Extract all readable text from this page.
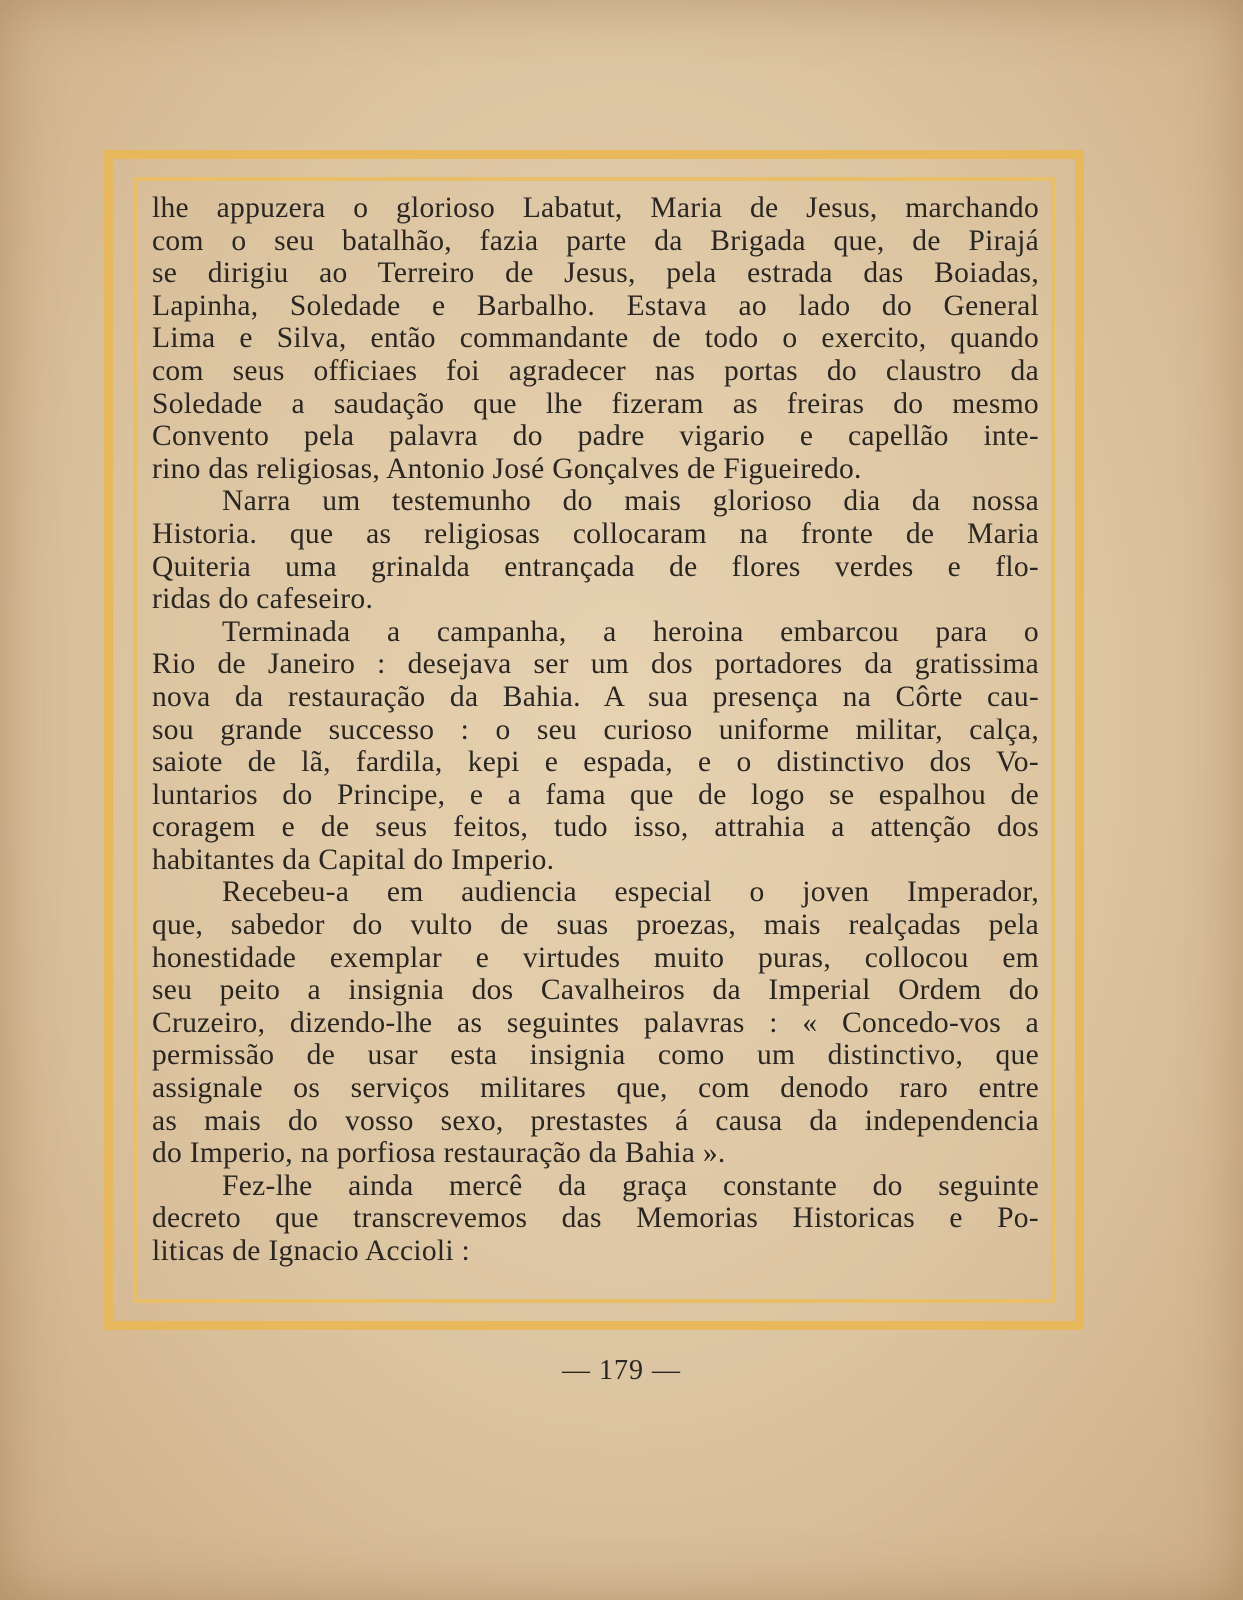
lhe appuzera o glorioso Labatut, Maria de Jesus, marchando
com o seu batalhão, fazia parte da Brigada que, de Pirajá
se dirigiu ao Terreiro de Jesus, pela estrada das Boiadas,
Lapinha, Soledade e Barbalho. Estava ao lado do General
Lima e Silva, então commandante de todo o exercito, quando
com seus officiaes foi agradecer nas portas do claustro da
Soledade a saudação que lhe fizeram as freiras do mesmo
Convento pela palavra do padre vigario e capellão inte-
rino das religiosas, Antonio José Gonçalves de Figueiredo.
Narra um testemunho do mais glorioso dia da nossa
Historia. que as religiosas collocaram na fronte de Maria
Quiteria uma grinalda entrançada de flores verdes e flo-
ridas do cafeseiro.
Terminada a campanha, a heroina embarcou para o
Rio de Janeiro : desejava ser um dos portadores da gratissima
nova da restauração da Bahia. A sua presença na Côrte cau-
sou grande successo : o seu curioso uniforme militar, calça,
saiote de lã, fardila, kepi e espada, e o distinctivo dos Vo-
luntarios do Principe, e a fama que de logo se espalhou de
coragem e de seus feitos, tudo isso, attrahia a attenção dos
habitantes da Capital do Imperio.
Recebeu-a em audiencia especial o joven Imperador,
que, sabedor do vulto de suas proezas, mais realçadas pela
honestidade exemplar e virtudes muito puras, collocou em
seu peito a insignia dos Cavalheiros da Imperial Ordem do
Cruzeiro, dizendo-lhe as seguintes palavras : « Concedo-vos a
permissão de usar esta insignia como um distinctivo, que
assignale os serviços militares que, com denodo raro entre
as mais do vosso sexo, prestastes á causa da independencia
do Imperio, na porfiosa restauração da Bahia ».
Fez-lhe ainda mercê da graça constante do seguinte
decreto que transcrevemos das Memorias Historicas e Po-
liticas de Ignacio Accioli :
— 179 —
